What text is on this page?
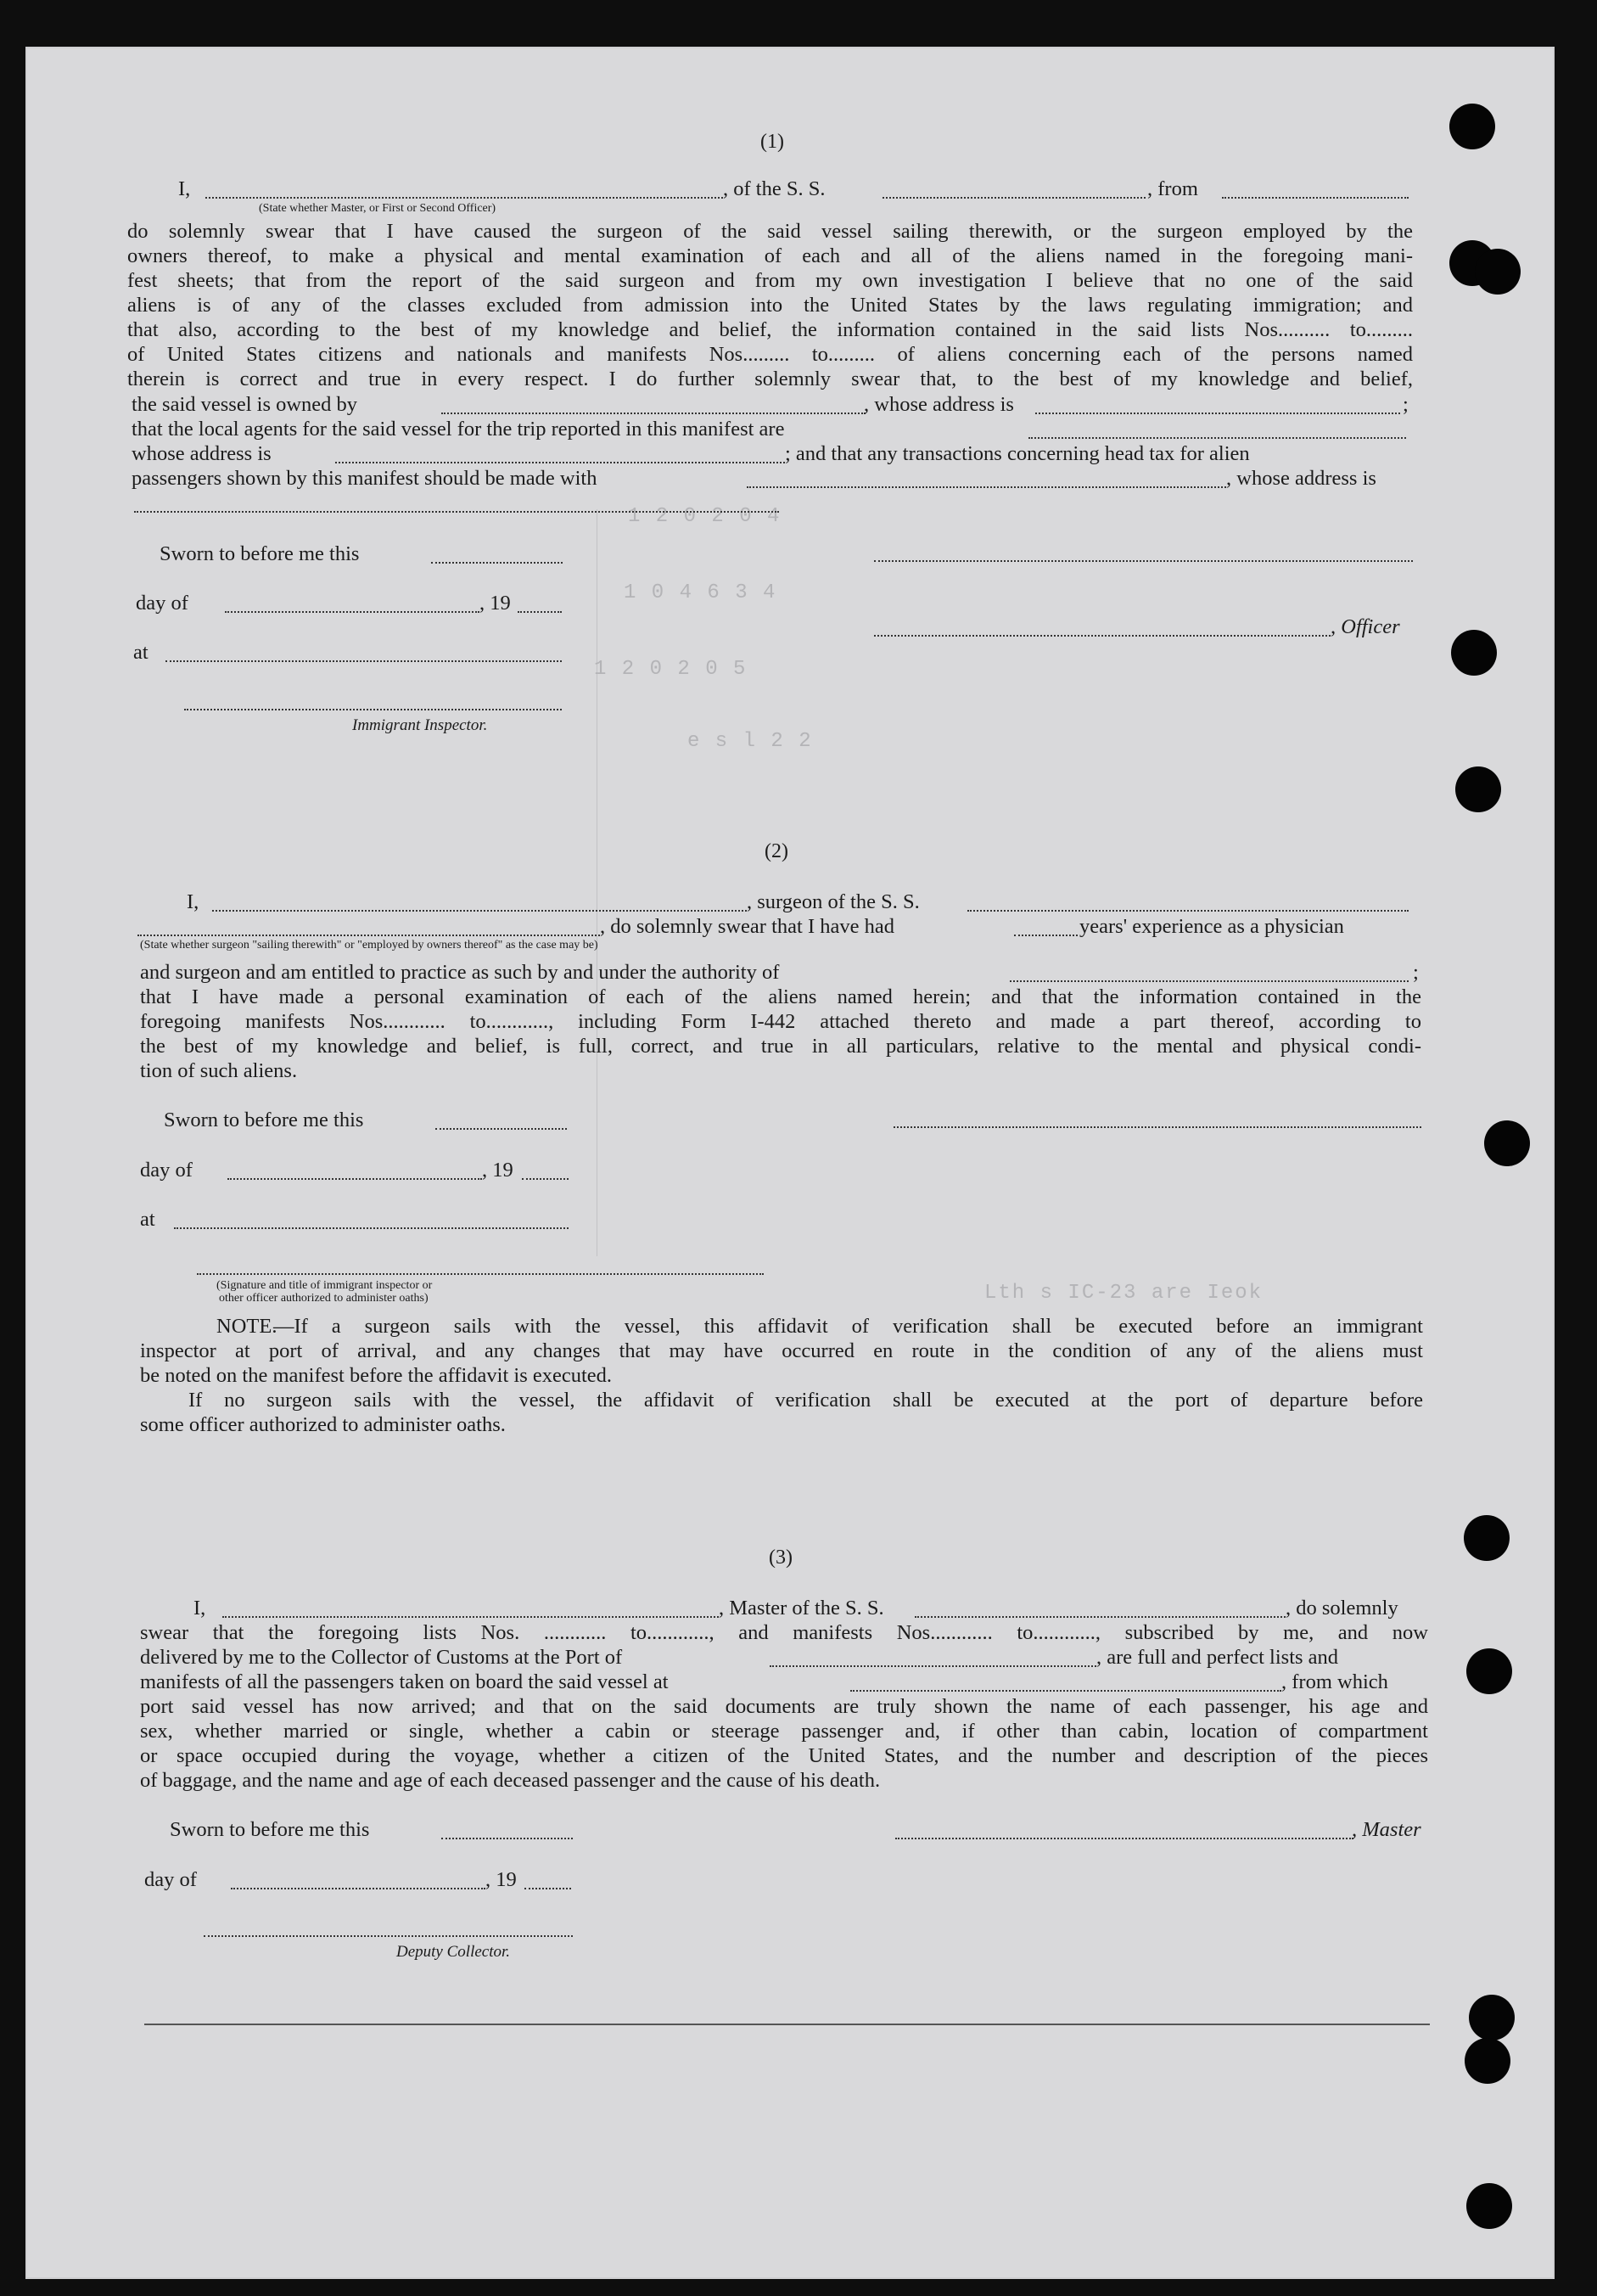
1 2 0 2 0 4
1 0 4 6 3 4
1 2 0 2 0 5
e s l 2 2
Lth s IC-23 are Ieok
(1)
I,	, of the S. S.	, from
(State whether Master, or First or Second Officer)
do solemnly swear that I have caused the surgeon of the said vessel sailing therewith, or the surgeon employed by the
owners thereof, to make a physical and mental examination of each and all of the aliens named in the foregoing mani-
fest sheets; that from the report of the said surgeon and from my own investigation I believe that no one of the said
aliens is of any of the classes excluded from admission into the United States by the laws regulating immigration; and
that also, according to the best of my knowledge and belief, the information contained in the said lists Nos.......... to.........
of United States citizens and nationals and manifests Nos......... to......... of aliens concerning each of the persons named
therein is correct and true in every respect. I do further solemnly swear that, to the best of my knowledge and belief,
the said vessel is owned by	, whose address is	;
that the local agents for the said vessel for the trip reported in this manifest are
whose address is	; and that any transactions concerning head tax for alien
passengers shown by this manifest should be made with	, whose address is
Sworn to before me this
day of	, 19
, Officer
at
Immigrant Inspector.
(2)
I,	, surgeon of the S. S.
, do solemnly swear that I have had	years' experience as a physician
(State whether surgeon "sailing therewith" or "employed by owners thereof" as the case may be)
and surgeon and am entitled to practice as such by and under the authority of	;
that I have made a personal examination of each of the aliens named herein; and that the information contained in the
foregoing manifests Nos............ to............, including Form I-442 attached thereto and made a part thereof, according to
the best of my knowledge and belief, is full, correct, and true in all particulars, relative to the mental and physical condi-
tion of such aliens.
Sworn to before me this
day of	, 19
at
(Signature and title of immigrant inspector or
other officer authorized to administer oaths)
NOTE.
—If a surgeon sails with the vessel, this affidavit of verification shall be executed before an immigrant
inspector at port of arrival, and any changes that may have occurred en route in the condition of any of the aliens must
be noted on the manifest before the affidavit is executed.
If no surgeon sails with the vessel, the affidavit of verification shall be executed at the port of departure before
some officer authorized to administer oaths.
(3)
I,	, Master of the S. S.	, do solemnly
swear that the foregoing lists Nos. ............ to............, and manifests Nos............ to............, subscribed by me, and now
delivered by me to the Collector of Customs at the Port of	, are full and perfect lists and
manifests of all the passengers taken on board the said vessel at	, from which
port said vessel has now arrived; and that on the said documents are truly shown the name of each passenger, his age and
sex, whether married or single, whether a cabin or steerage passenger and, if other than cabin, location of compartment
or space occupied during the voyage, whether a citizen of the United States, and the number and description of the pieces
of baggage, and the name and age of each deceased passenger and the cause of his death.
Sworn to before me this	, Master
day of	, 19
Deputy Collector.
